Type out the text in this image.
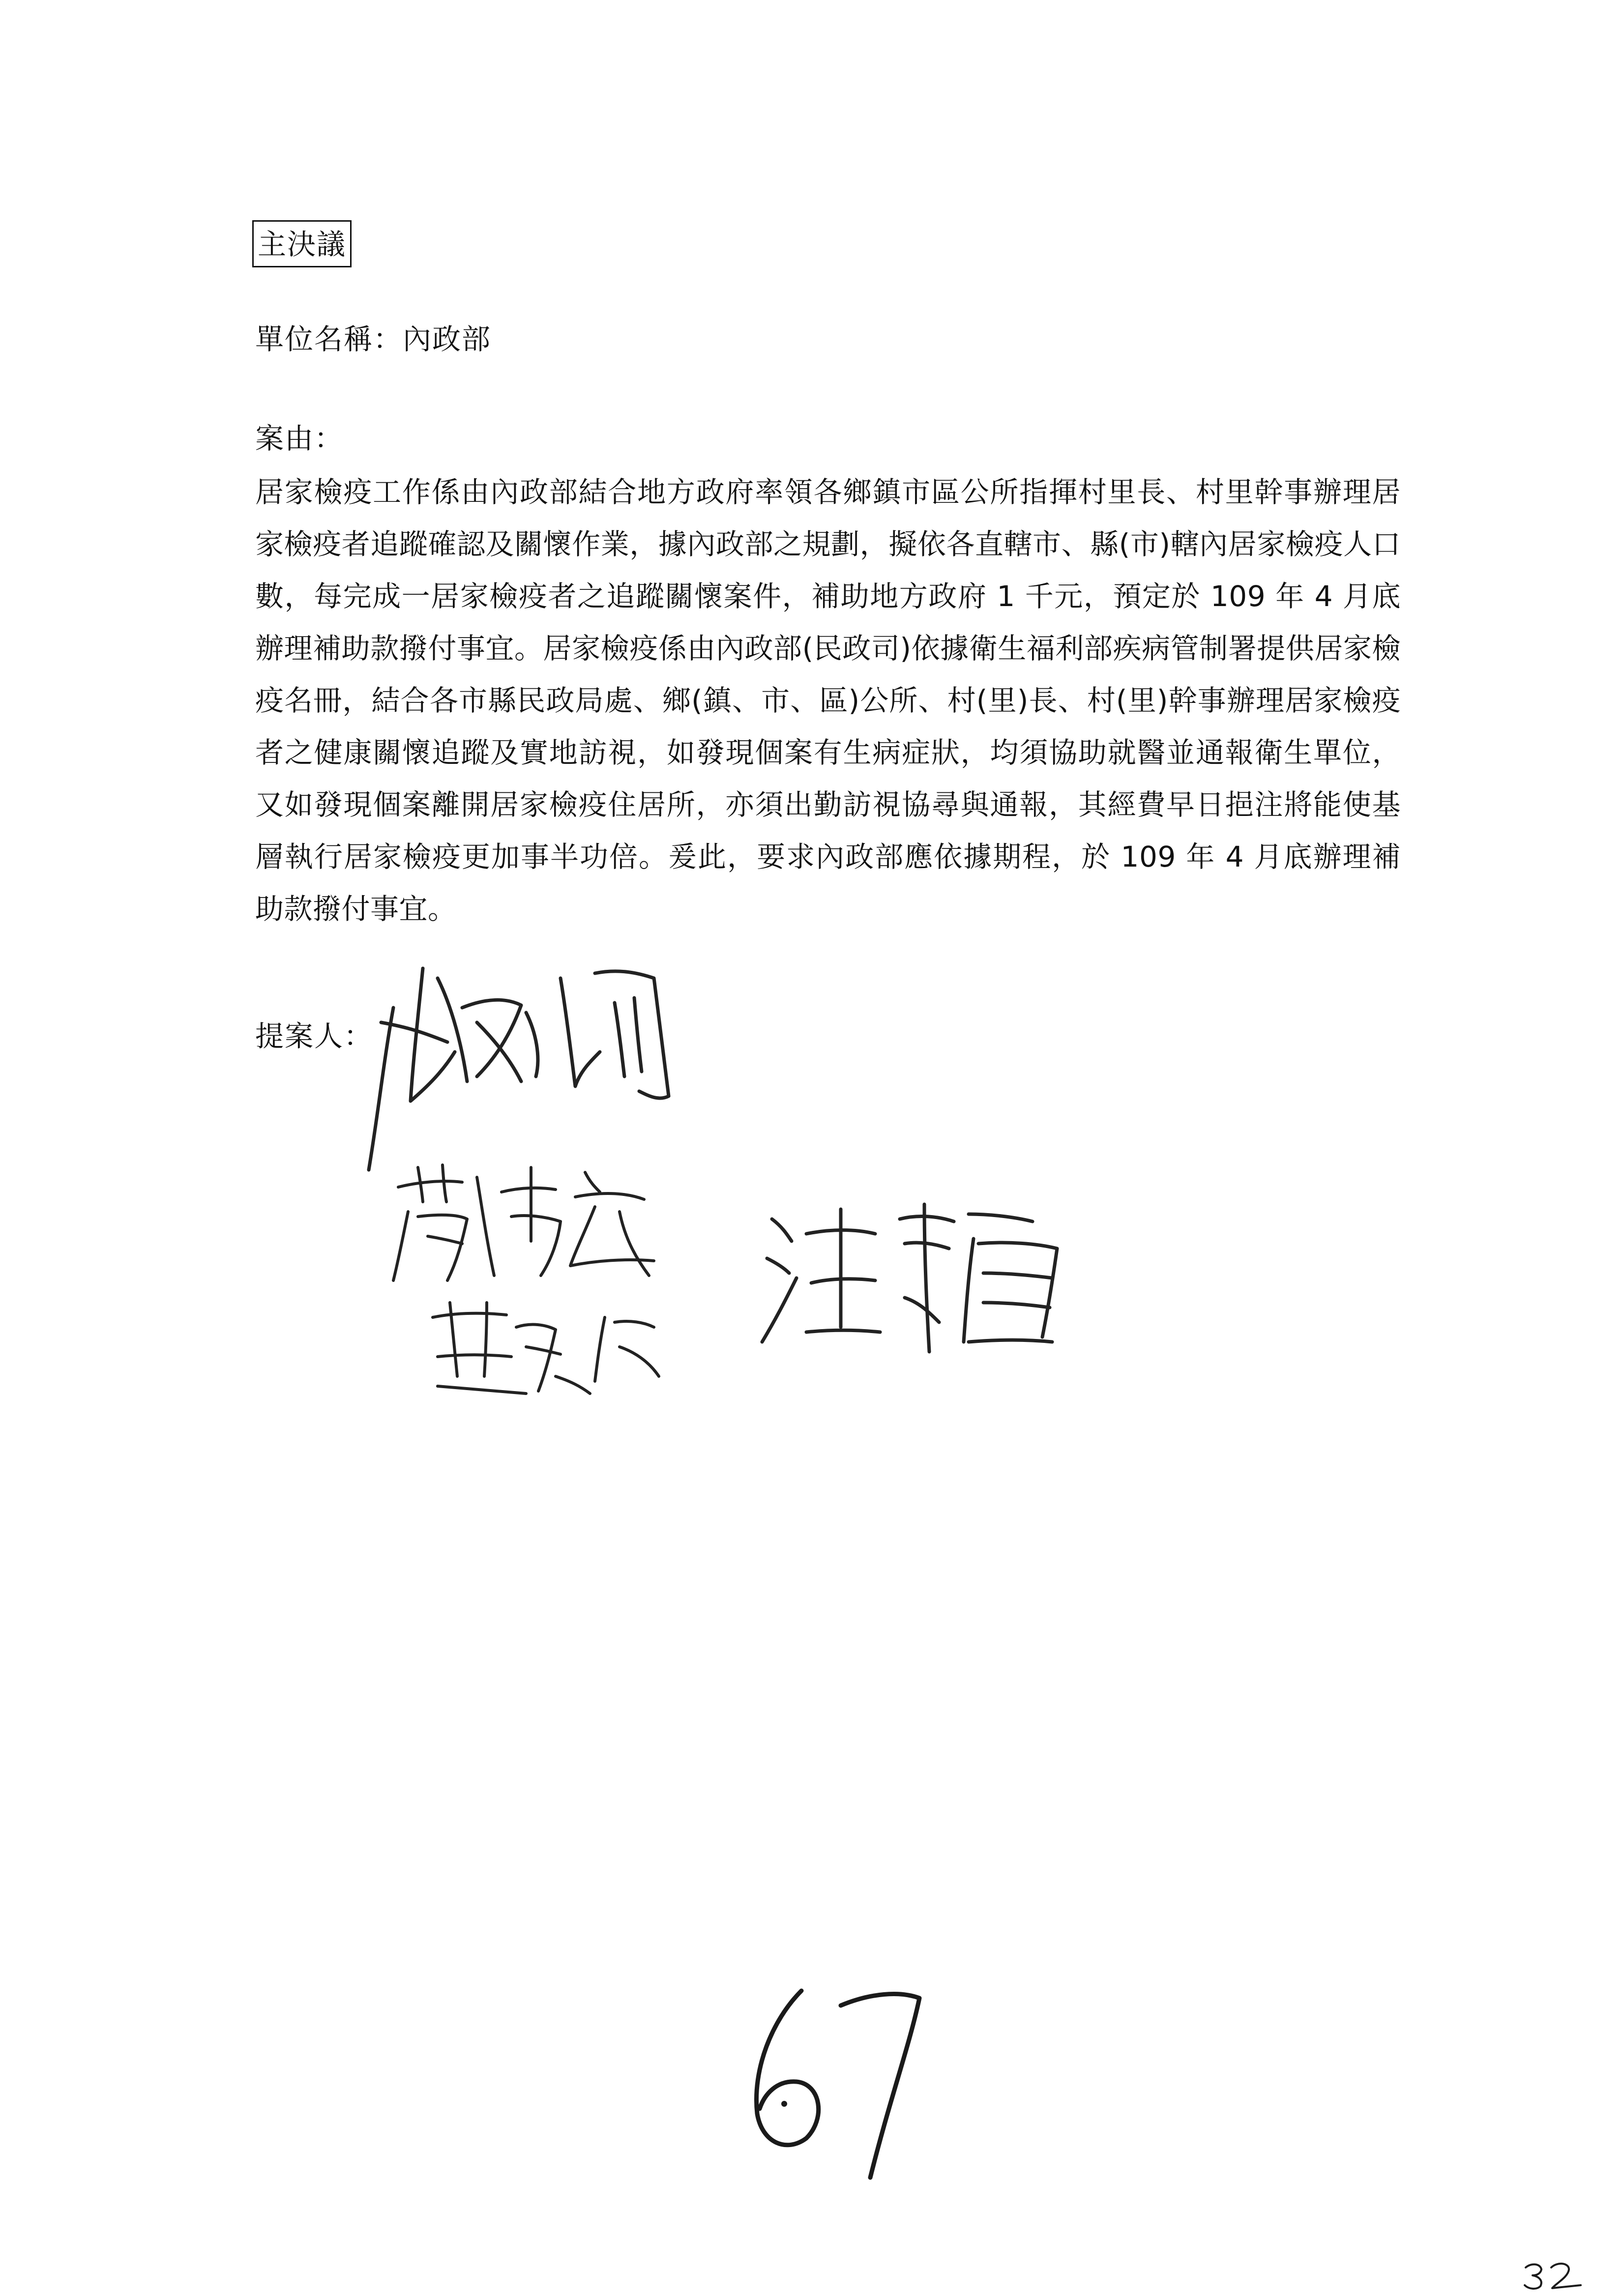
主決議
單位名稱：內政部
案由：
居家檢疫工作係由內政部結合地方政府率領各鄉鎮市區公所指揮村里長、村里幹事辦理居家檢疫者追蹤確認及關懷作業，據內政部之規劃，擬依各直轄市、縣(市)轄內居家檢疫人口數，每完成一居家檢疫者之追蹤關懷案件，補助地方政府 1 千元，預定於 109 年 4 月底辦理補助款撥付事宜。居家檢疫係由內政部(民政司)依據衛生福利部疾病管制署提供居家檢疫名冊，結合各市縣民政局處、鄉(鎮、市、區)公所、村(里)長、村(里)幹事辦理居家檢疫者之健康關懷追蹤及實地訪視，如發現個案有生病症狀，均須協助就醫並通報衛生單位，又如發現個案離開居家檢疫住居所，亦須出勤訪視協尋與通報，其經費早日挹注將能使基層執行居家檢疫更加事半功倍。爰此，要求內政部應依據期程，於 109 年 4 月底辦理補助款撥付事宜。
提案人：
